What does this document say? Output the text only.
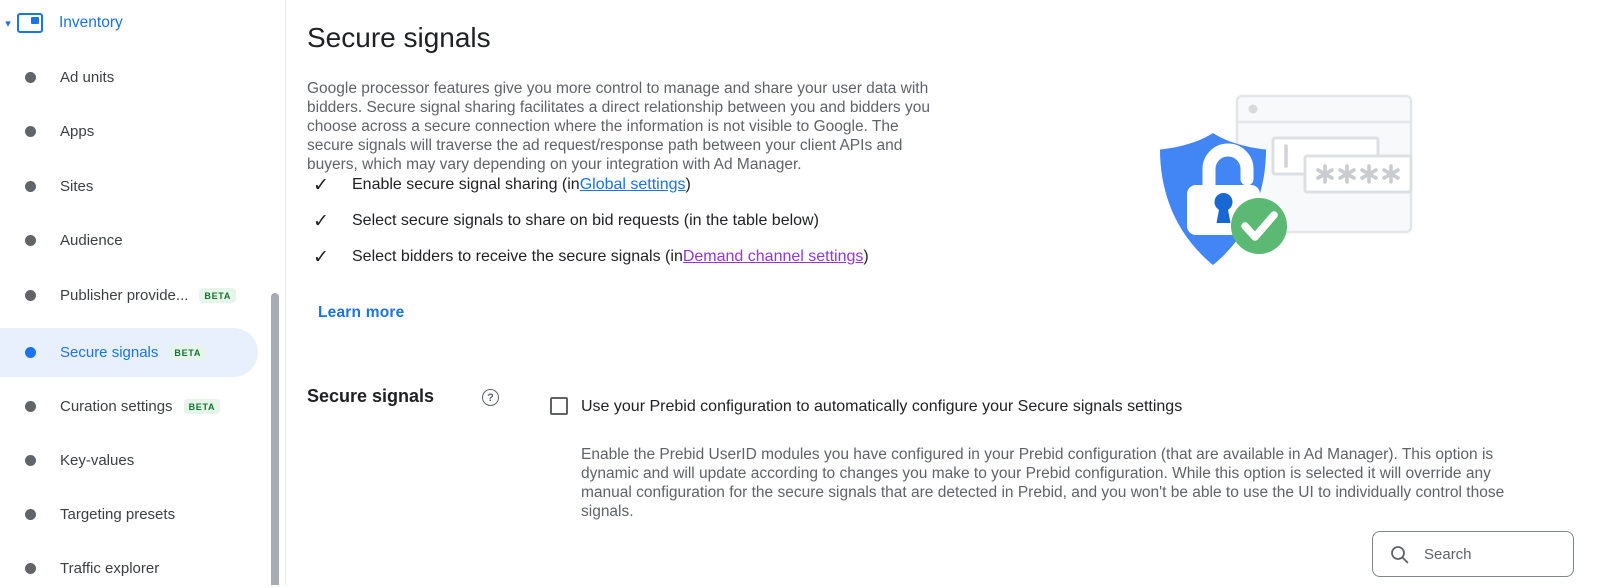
▾	Inventory
Ad units
Apps
Sites
Audience
Publisher provide...	BETA
Secure signals	BETA
Curation settings	BETA
Key-values
Targeting presets
Traffic explorer
Secure signals

Google processor features give you more control to manage and share your user data with bidders. Secure signal sharing facilitates a direct relationship between you and bidders you choose across a secure connection where the information is not visible to Google. The secure signals will traverse the ad request/response path between your client APIs and buyers, which may vary depending on your integration with Ad Manager.

✓	Enable secure signal sharing (in Global settings )
✓	Select secure signals to share on bid requests (in the table below)
✓	Select bidders to receive the secure signals (in Demand channel settings )
Learn more
Secure signals	?
Use your Prebid configuration to automatically configure your Secure signals settings

Enable the Prebid UserID modules you have configured in your Prebid configuration (that are available in Ad Manager). This option is dynamic and will update according to changes you make to your Prebid configuration. While this option is selected it will override any manual configuration for the secure signals that are detected in Prebid, and you won't be able to use the UI to individually control those signals.

Search
